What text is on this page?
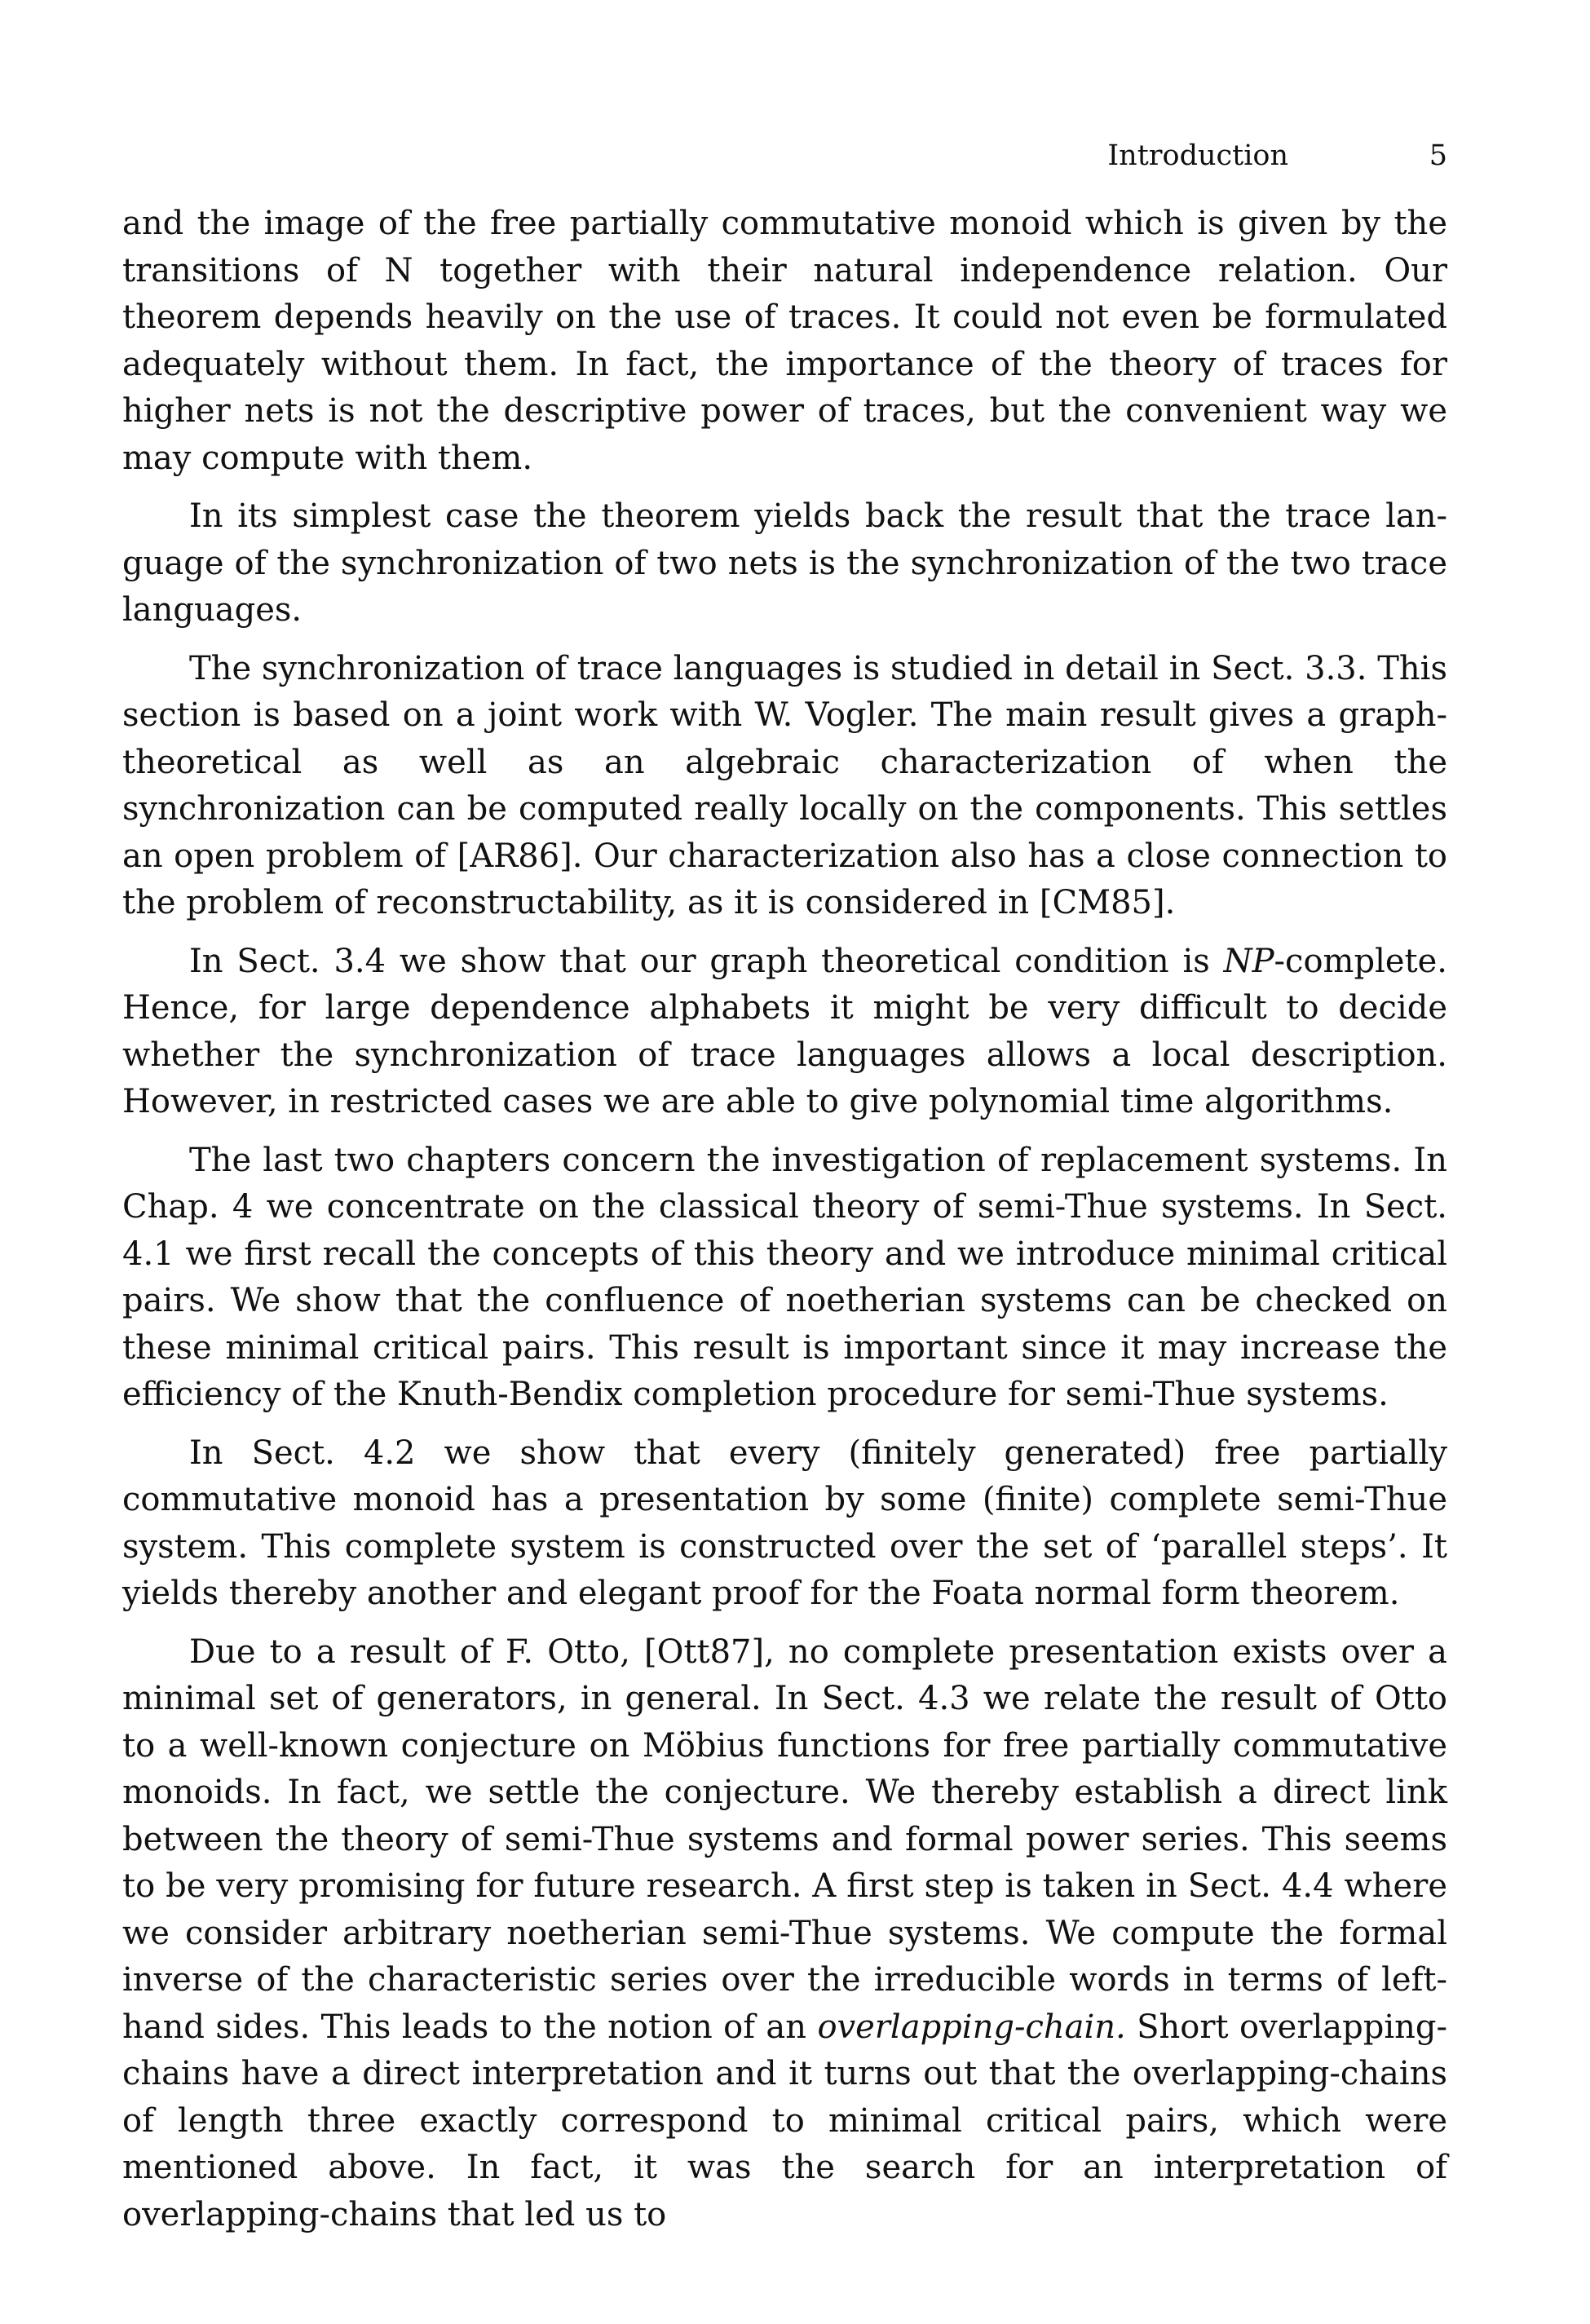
Introduction	5

and the image of the free partially commutative monoid which is given by the transitions of N together with their natural independence relation. Our theorem depends heavily on the use of traces. It could not even be formulated adequately without them. In fact, the importance of the theory of traces for higher nets is not the descriptive power of traces, but the convenient way we may compute with them.

In its simplest case the theorem yields back the result that the trace language of the synchronization of two nets is the synchronization of the two trace languages.

The synchronization of trace languages is studied in detail in Sect. 3.3. This section is based on a joint work with W. Vogler. The main result gives a graph-theoretical as well as an algebraic characterization of when the synchronization can be computed really locally on the components. This settles an open problem of [AR86]. Our characterization also has a close connection to the problem of reconstructability, as it is considered in [CM85].

In Sect. 3.4 we show that our graph theoretical condition is NP-complete. Hence, for large dependence alphabets it might be very difficult to decide whether the synchronization of trace languages allows a local description. However, in restricted cases we are able to give polynomial time algorithms.

The last two chapters concern the investigation of replacement systems. In Chap. 4 we concentrate on the classical theory of semi-Thue systems. In Sect. 4.1 we first recall the concepts of this theory and we introduce minimal critical pairs. We show that the confluence of noetherian systems can be checked on these minimal critical pairs. This result is important since it may increase the efficiency of the Knuth-Bendix completion procedure for semi-Thue systems.

In Sect. 4.2 we show that every (finitely generated) free partially commutative monoid has a presentation by some (finite) complete semi-Thue system. This complete system is constructed over the set of ‘parallel steps’. It yields thereby another and elegant proof for the Foata normal form theorem.

Due to a result of F. Otto, [Ott87], no complete presentation exists over a minimal set of generators, in general. In Sect. 4.3 we relate the result of Otto to a well-known conjecture on Möbius functions for free partially commutative monoids. In fact, we settle the conjecture. We thereby establish a direct link between the theory of semi-Thue systems and formal power series. This seems to be very promising for future research. A first step is taken in Sect. 4.4 where we consider arbitrary noetherian semi-Thue systems. We compute the formal inverse of the characteristic series over the irreducible words in terms of left-hand sides. This leads to the notion of an overlapping-chain. Short overlapping-chains have a direct interpretation and it turns out that the overlapping-chains of length three exactly correspond to minimal critical pairs, which were mentioned above. In fact, it was the search for an interpretation of overlapping-chains that led us to
